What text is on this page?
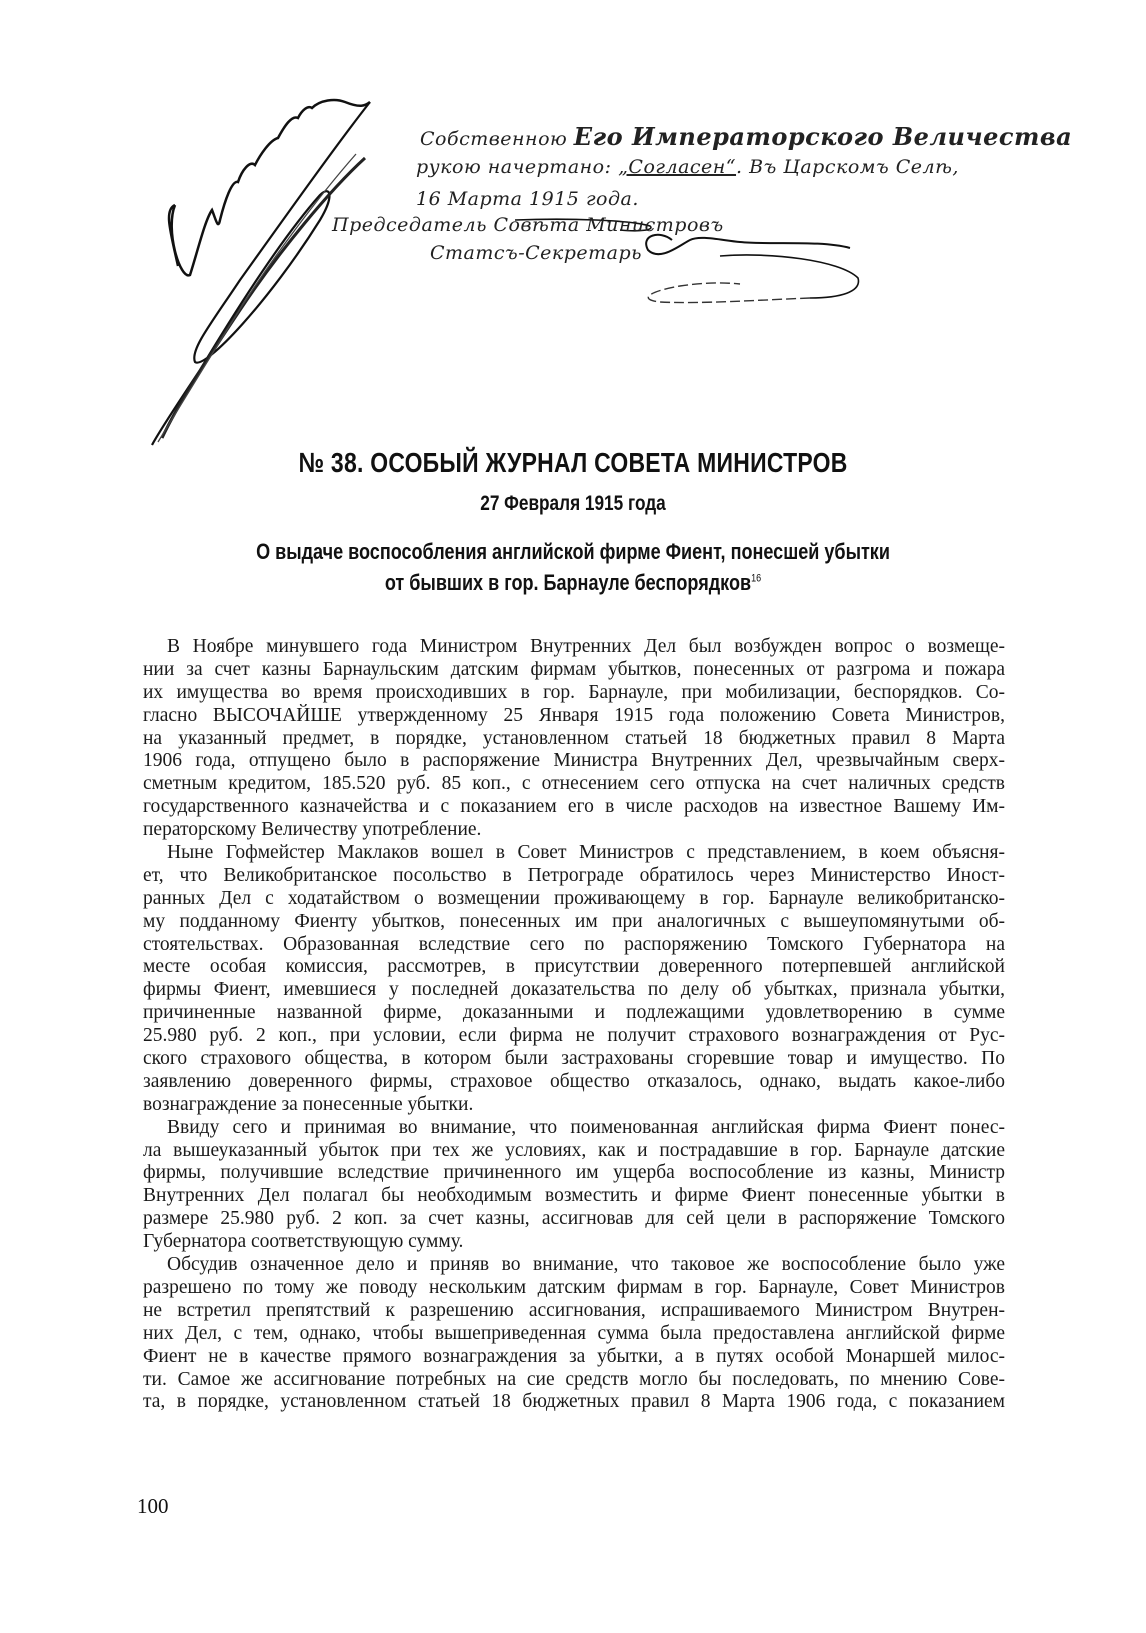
Собственною Его Императорского Величества
рукою начертано: „Согласен“. Въ Царскомъ Селѣ,
16 Марта 1915 года.
Председатель Совѣта Министровъ
Статсъ-Секретарь
№ 38. ОСОБЫЙ ЖУРНАЛ СОВЕТА МИНИСТРОВ
27 Февраля 1915 года
О выдаче воспособления английской фирме Фиент, понесшей убытки
от бывших в гор. Барнауле беспорядков$^{16}$
В Ноябре минувшего года Министром Внутренних Дел был возбужден вопрос о возмеще-
нии за счет казны Барнаульским датским фирмам убытков, понесенных от разгрома и пожара
их имущества во время происходивших в гор. Барнауле, при мобилизации, беспорядков. Со-
гласно ВЫСОЧАЙШЕ утвержденному 25 Января 1915 года положению Совета Министров,
на указанный предмет, в порядке, установленном статьей 18 бюджетных правил 8 Марта
1906 года, отпущено было в распоряжение Министра Внутренних Дел, чрезвычайным сверх-
сметным кредитом, 185.520 руб. 85 коп., с отнесением сего отпуска на счет наличных средств
государственного казначейства и с показанием его в числе расходов на известное Вашему Им-
ператорскому Величеству употребление.
Ныне Гофмейстер Маклаков вошел в Совет Министров с представлением, в коем объясня-
ет, что Великобританское посольство в Петрограде обратилось через Министерство Иност-
ранных Дел с ходатайством о возмещении проживающему в гор. Барнауле великобританско-
му подданному Фиенту убытков, понесенных им при аналогичных с вышеупомянутыми об-
стоятельствах. Образованная вследствие сего по распоряжению Томского Губернатора на
месте особая комиссия, рассмотрев, в присутствии доверенного потерпевшей английской
фирмы Фиент, имевшиеся у последней доказательства по делу об убытках, признала убытки,
причиненные названной фирме, доказанными и подлежащими удовлетворению в сумме
25.980 руб. 2 коп., при условии, если фирма не получит страхового вознаграждения от Рус-
ского страхового общества, в котором были застрахованы сгоревшие товар и имущество. По
заявлению доверенного фирмы, страховое общество отказалось, однако, выдать какое-либо
вознаграждение за понесенные убытки.
Ввиду сего и принимая во внимание, что поименованная английская фирма Фиент понес-
ла вышеуказанный убыток при тех же условиях, как и пострадавшие в гор. Барнауле датские
фирмы, получившие вследствие причиненного им ущерба воспособление из казны, Министр
Внутренних Дел полагал бы необходимым возместить и фирме Фиент понесенные убытки в
размере 25.980 руб. 2 коп. за счет казны, ассигновав для сей цели в распоряжение Томского
Губернатора соответствующую сумму.
Обсудив означенное дело и приняв во внимание, что таковое же воспособление было уже
разрешено по тому же поводу нескольким датским фирмам в гор. Барнауле, Совет Министров
не встретил препятствий к разрешению ассигнования, испрашиваемого Министром Внутрен-
них Дел, с тем, однако, чтобы вышеприведенная сумма была предоставлена английской фирме
Фиент не в качестве прямого вознаграждения за убытки, а в путях особой Монаршей милос-
ти. Самое же ассигнование потребных на сие средств могло бы последовать, по мнению Сове-
та, в порядке, установленном статьей 18 бюджетных правил 8 Марта 1906 года, с показанием
100
